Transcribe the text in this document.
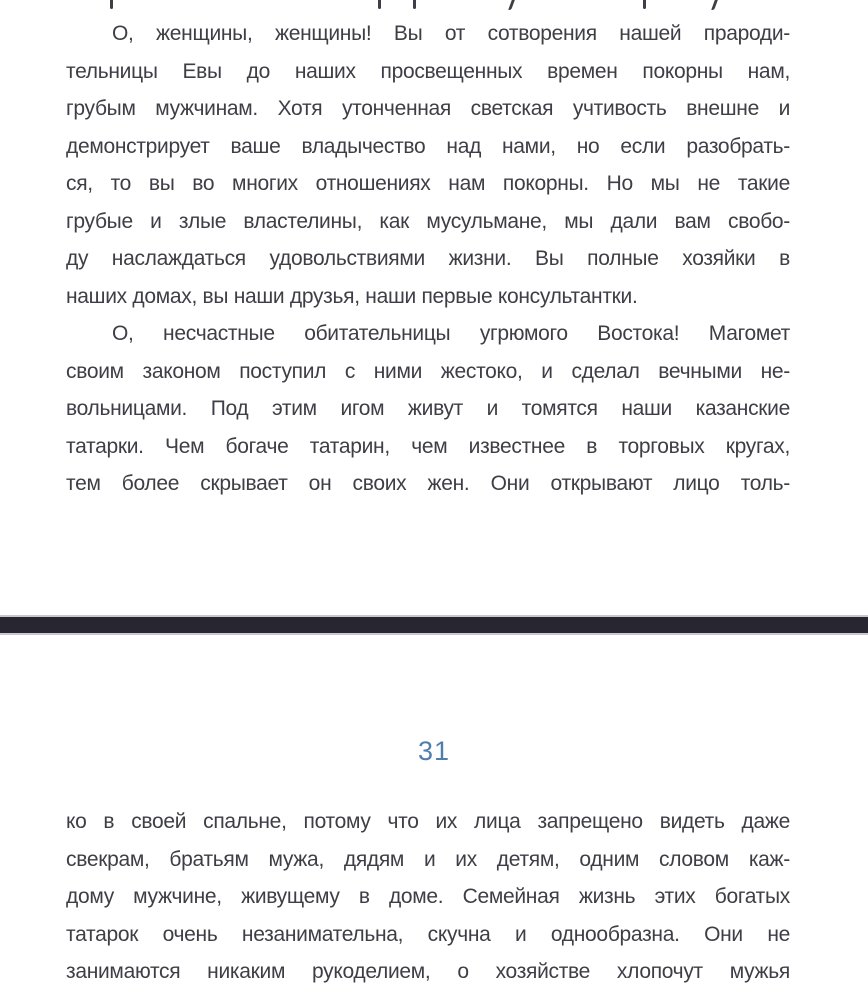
О, женщины, женщины! Вы от сотворения нашей прароди-
тельницы Евы до наших просвещенных времен покорны нам,
грубым мужчинам. Хотя утонченная светская учтивость внешне и
демонстрирует ваше владычество над нами, но если разобрать-
ся, то вы во многих отношениях нам покорны. Но мы не такие
грубые и злые властелины, как мусульмане, мы дали вам свобо-
ду наслаждаться удовольствиями жизни. Вы полные хозяйки в
наших домах, вы наши друзья, наши первые консультантки.
О, несчастные обитательницы угрюмого Востока! Магомет
своим законом поступил с ними жестоко, и сделал вечными не-
вольницами. Под этим игом живут и томятся наши казанские
татарки. Чем богаче татарин, чем известнее в торговых кругах,
тем более скрывает он своих жен. Они открывают лицо толь-
31
ко в своей спальне, потому что их лица запрещено видеть даже
свекрам, братьям мужа, дядям и их детям, одним словом каж-
дому мужчине, живущему в доме. Семейная жизнь этих богатых
татарок очень незанимательна, скучна и однообразна. Они не
занимаются никаким рукоделием, о хозяйстве хлопочут мужья
